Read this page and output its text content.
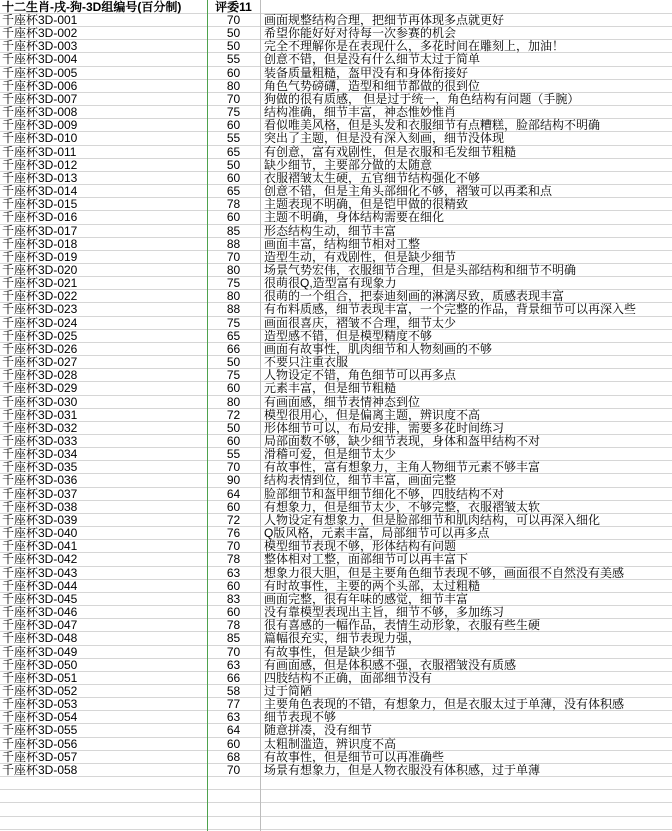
十二生肖-戌-狗-3D组编号(百分制)	评委11
千座杯3D-001	70	画面规整结构合理，把细节再体现多点就更好
千座杯3D-002	50	希望你能好好对待每一次参赛的机会
千座杯3D-003	50	完全不理解你是在表现什么，多花时间在雕刻上，加油！
千座杯3D-004	55	创意不错，但是没有什么细节太过于简单
千座杯3D-005	60	装备质量粗糙，盔甲没有和身体衔接好
千座杯3D-006	80	角色气势磅礴，造型和细节都做的很到位
千座杯3D-007	70	狗做的很有质感， 但是过于统一，角色结构有问题（手腕）
千座杯3D-008	75	结构准确，细节丰富，神态惟妙惟肖
千座杯3D-009	60	看似唯美风格，但是头发和衣服细节有点糟糕，脸部结构不明确
千座杯3D-010	55	突出了主题，但是没有深入刻画，细节没体现
千座杯3D-011	65	有创意，富有戏剧性，但是衣服和毛发细节粗糙
千座杯3D-012	50	缺少细节，主要部分做的太随意
千座杯3D-013	60	衣服褶皱太生硬，五官细节结构强化不够
千座杯3D-014	65	创意不错，但是主角头部细化不够，褶皱可以再柔和点
千座杯3D-015	78	主题表现不明确，但是铠甲做的很精致
千座杯3D-016	60	主题不明确，身体结构需要在细化
千座杯3D-017	85	形态结构生动，细节丰富
千座杯3D-018	88	画面丰富，结构细节相对工整
千座杯3D-019	70	造型生动，有戏剧性，但是缺少细节
千座杯3D-020	80	场景气势宏伟，衣服细节合理，但是头部结构和细节不明确
千座杯3D-021	75	很萌很Q,造型富有现象力
千座杯3D-022	80	很萌的一个组合，把泰迪刻画的淋漓尽致，质感表现丰富
千座杯3D-023	88	有布料质感，细节表现丰富，一个完整的作品，背景细节可以再深入些
千座杯3D-024	75	画面很喜庆，褶皱不合理，细节太少
千座杯3D-025	65	造型感不错，但是模型精度不够
千座杯3D-026	66	画面有故事性，肌肉细节和人物刻画的不够
千座杯3D-027	50	不要只注重衣服
千座杯3D-028	75	人物设定不错，角色细节可以再多点
千座杯3D-029	60	元素丰富，但是细节粗糙
千座杯3D-030	80	有画面感，细节表情神态到位
千座杯3D-031	72	模型很用心，但是偏离主题，辨识度不高
千座杯3D-032	50	形体细节可以，布局安排，需要多花时间练习
千座杯3D-033	60	局部面数不够，缺少细节表现，身体和盔甲结构不对
千座杯3D-034	55	滑稽可爱，但是细节太少
千座杯3D-035	70	有故事性，富有想象力，主角人物细节元素不够丰富
千座杯3D-036	90	结构表情到位，细节丰富，画面完整
千座杯3D-037	64	脸部细节和盔甲细节细化不够，四肢结构不对
千座杯3D-038	60	有想象力，但是细节太少，不够完整，衣服褶皱太软
千座杯3D-039	72	人物设定有想象力，但是脸部细节和肌肉结构，可以再深入细化
千座杯3D-040	76	Q版风格，元素丰富，局部细节可以再多点
千座杯3D-041	70	模型细节表现不够，形体结构有问题
千座杯3D-042	78	整体相对工整，面部细节可以再丰富下
千座杯3D-043	63	想象力很大胆，但是主要角色细节表现不够，画面很不自然没有美感
千座杯3D-044	60	有时故事性，主要的两个头部，太过粗糙
千座杯3D-045	83	画面完整，很有年味的感觉，细节丰富
千座杯3D-046	60	没有靠模型表现出主旨，细节不够，多加练习
千座杯3D-047	78	很有喜感的一幅作品，表情生动形象，衣服有些生硬
千座杯3D-048	85	篇幅很充实，细节表现力强，
千座杯3D-049	70	有故事性，但是缺少细节
千座杯3D-050	63	有画面感，但是体积感不强，衣服褶皱没有质感
千座杯3D-051	66	四肢结构不正确，面部细节没有
千座杯3D-052	58	过于简陋
千座杯3D-053	77	主要角色表现的不错，有想象力，但是衣服太过于单薄，没有体积感
千座杯3D-054	63	细节表现不够
千座杯3D-055	64	随意拼凑，没有细节
千座杯3D-056	60	太粗制滥造，辨识度不高
千座杯3D-057	68	有故事性，但是细节可以再准确些
千座杯3D-058	70	场景有想象力，但是人物衣服没有体积感，过于单薄
